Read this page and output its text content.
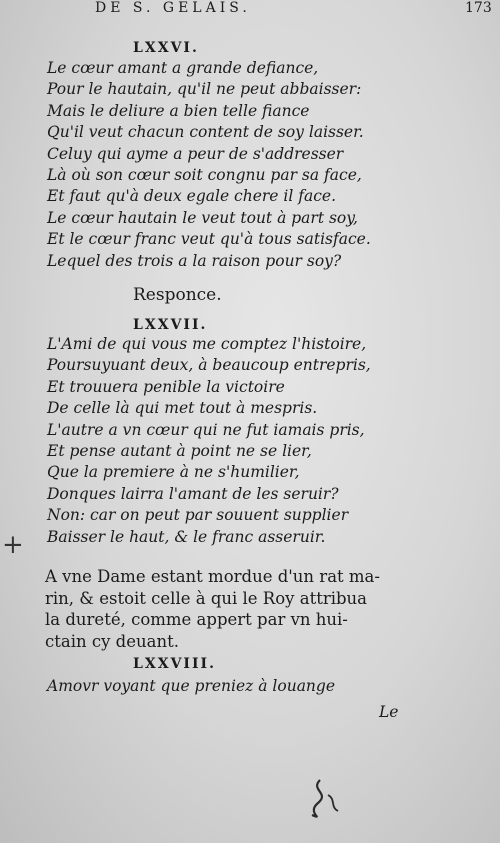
DE S. GELAIS.	173
LXXVI.
Le cœur amant a grande defiance,
Pour le hautain, qu'il ne peut abbaisser:
Mais le deliure a bien telle fiance
Qu'il veut chacun content de soy laisser.
Celuy qui ayme a peur de s'addresser
Là où son cœur soit congnu par sa face,
Et faut qu'à deux egale chere il face.
Le cœur hautain le veut tout à part soy,
Et le cœur franc veut qu'à tous satisface.
Lequel des trois a la raison pour soy?
Responce.
LXXVII.
L'Ami de qui vous me comptez l'histoire,
Poursuyuant deux, à beaucoup entrepris,
Et trouuera penible la victoire
De celle là qui met tout à mespris.
L'autre a vn cœur qui ne fut iamais pris,
Et pense autant à point ne se lier,
Que la premiere à ne s'humilier,
Donques lairra l'amant de les seruir?
Non: car on peut par souuent supplier
Baisser le haut, & le franc asseruir.
+
A vne Dame estant mordue d'un rat ma-
rin, & estoit celle à qui le Roy attribua
la dureté, comme appert par vn hui-
ctain cy deuant.
LXXVIII.
Amovr voyant que preniez à louange
Le
